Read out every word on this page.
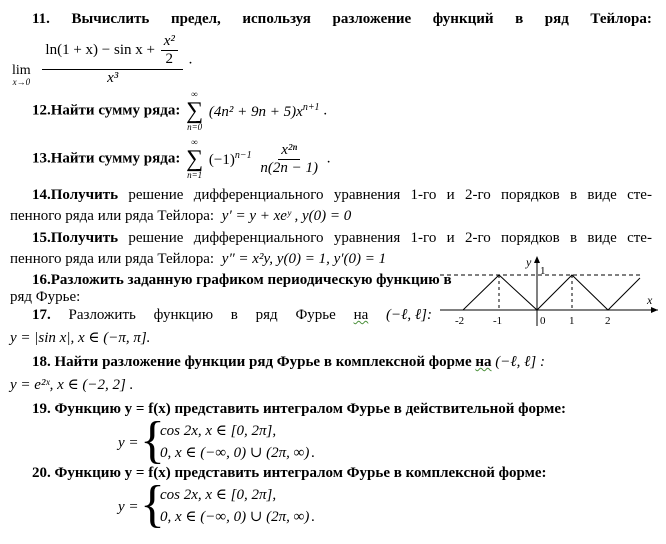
11. Вычислить предел, используя разложение функций в ряд Тейлора:
lim
x→0
$\frac{\ln(1 + x) - \sin x + \frac{\text{x²}}{2}}{\text{x³}}$ .
12.Найти сумму ряда:
∞
∑
n=0
$(4n^2 + 9n + 5)x^{n+1}$ .
13.Найти сумму ряда:
∞
∑
n=1
$(-1)^{n-1} \frac{\text{x²ⁿ}}{n(2n - 1)}$ .
14.Получить решение дифференциального уравнения 1-го и 2-го порядков в виде сте-
пенного ряда или ряда Тейлора: y′ = y + xeʸ , y(0) = 0
15.Получить решение дифференциального уравнения 1-го и 2-го порядков в виде сте-
пенного ряда или ряда Тейлора: y″ = x²y, y(0) = 1, y′(0) = 1
16.Разложить заданную графиком периодическую функцию в
ряд Фурье:
y
1
x
-2	-1	0 1	2
17. Разложить функцию в ряд Фурье на (−ℓ, ℓ]:
y = |sin x|, x ∈ (−π, π].
18. Найти разложение функции ряд Фурье в комплексной форме на (−ℓ, ℓ] :
y = e²ˣ, x ∈ (−2, 2] .
19. Функцию y = f(x) представить интегралом Фурье в действительной форме:
y = {
cos 2x, x ∈ [0, 2π],
0, x ∈ (−∞, 0) ∪ (2π, ∞) .
20. Функцию y = f(x) представить интегралом Фурье в комплексной форме:
y = {
cos 2x, x ∈ [0, 2π],
0, x ∈ (−∞, 0) ∪ (2π, ∞) .
